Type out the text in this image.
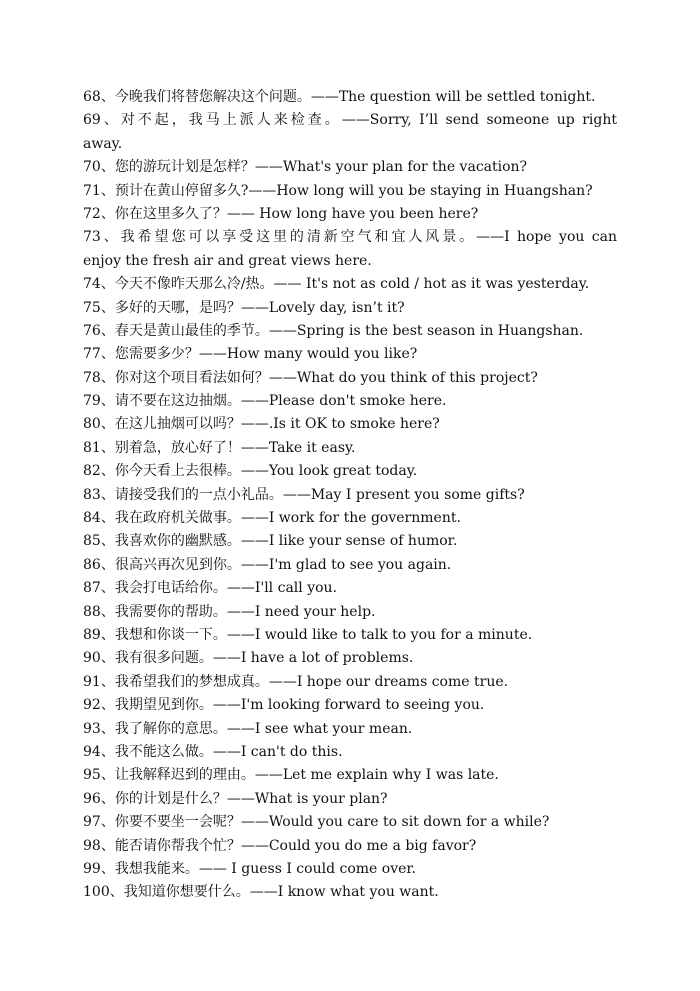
68、今晚我们将替您解决这个问题。——The question will be settled tonight.
69、对不起，我马上派人来检查。——Sorry, I’ll send someone up right
away.
70、您的游玩计划是怎样？——What's your plan for the vacation?
71、预计在黄山停留多久?——How long will you be staying in Huangshan?
72、你在这里多久了？—— How long have you been here?
73、我希望您可以享受这里的清新空气和宜人风景。——I hope you can
enjoy the fresh air and great views here.
74、今天不像昨天那么冷/热。—— It's not as cold / hot as it was yesterday.
75、多好的天哪，是吗？——Lovely day, isn’t it?
76、春天是黄山最佳的季节。——Spring is the best season in Huangshan.
77、您需要多少？——How many would you like?
78、你对这个项目看法如何？——What do you think of this project?
79、请不要在这边抽烟。——Please don't smoke here.
80、在这儿抽烟可以吗？——.Is it OK to smoke here?
81、别着急，放心好了！——Take it easy.
82、你今天看上去很棒。——You look great today.
83、请接受我们的一点小礼品。——May I present you some gifts?
84、我在政府机关做事。——I work for the government.
85、我喜欢你的幽默感。——I like your sense of humor.
86、很高兴再次见到你。——I'm glad to see you again.
87、我会打电话给你。——I'll call you.
88、我需要你的帮助。——I need your help.
89、我想和你谈一下。——I would like to talk to you for a minute.
90、我有很多问题。——I have a lot of problems.
91、我希望我们的梦想成真。——I hope our dreams come true.
92、我期望见到你。——I'm looking forward to seeing you.
93、我了解你的意思。——I see what your mean.
94、我不能这么做。——I can't do this.
95、让我解释迟到的理由。——Let me explain why I was late.
96、你的计划是什么？——What is your plan?
97、你要不要坐一会呢？——Would you care to sit down for a while?
98、能否请你帮我个忙？——Could you do me a big favor?
99、我想我能来。—— I guess I could come over.
100、我知道你想要什么。——I know what you want.
